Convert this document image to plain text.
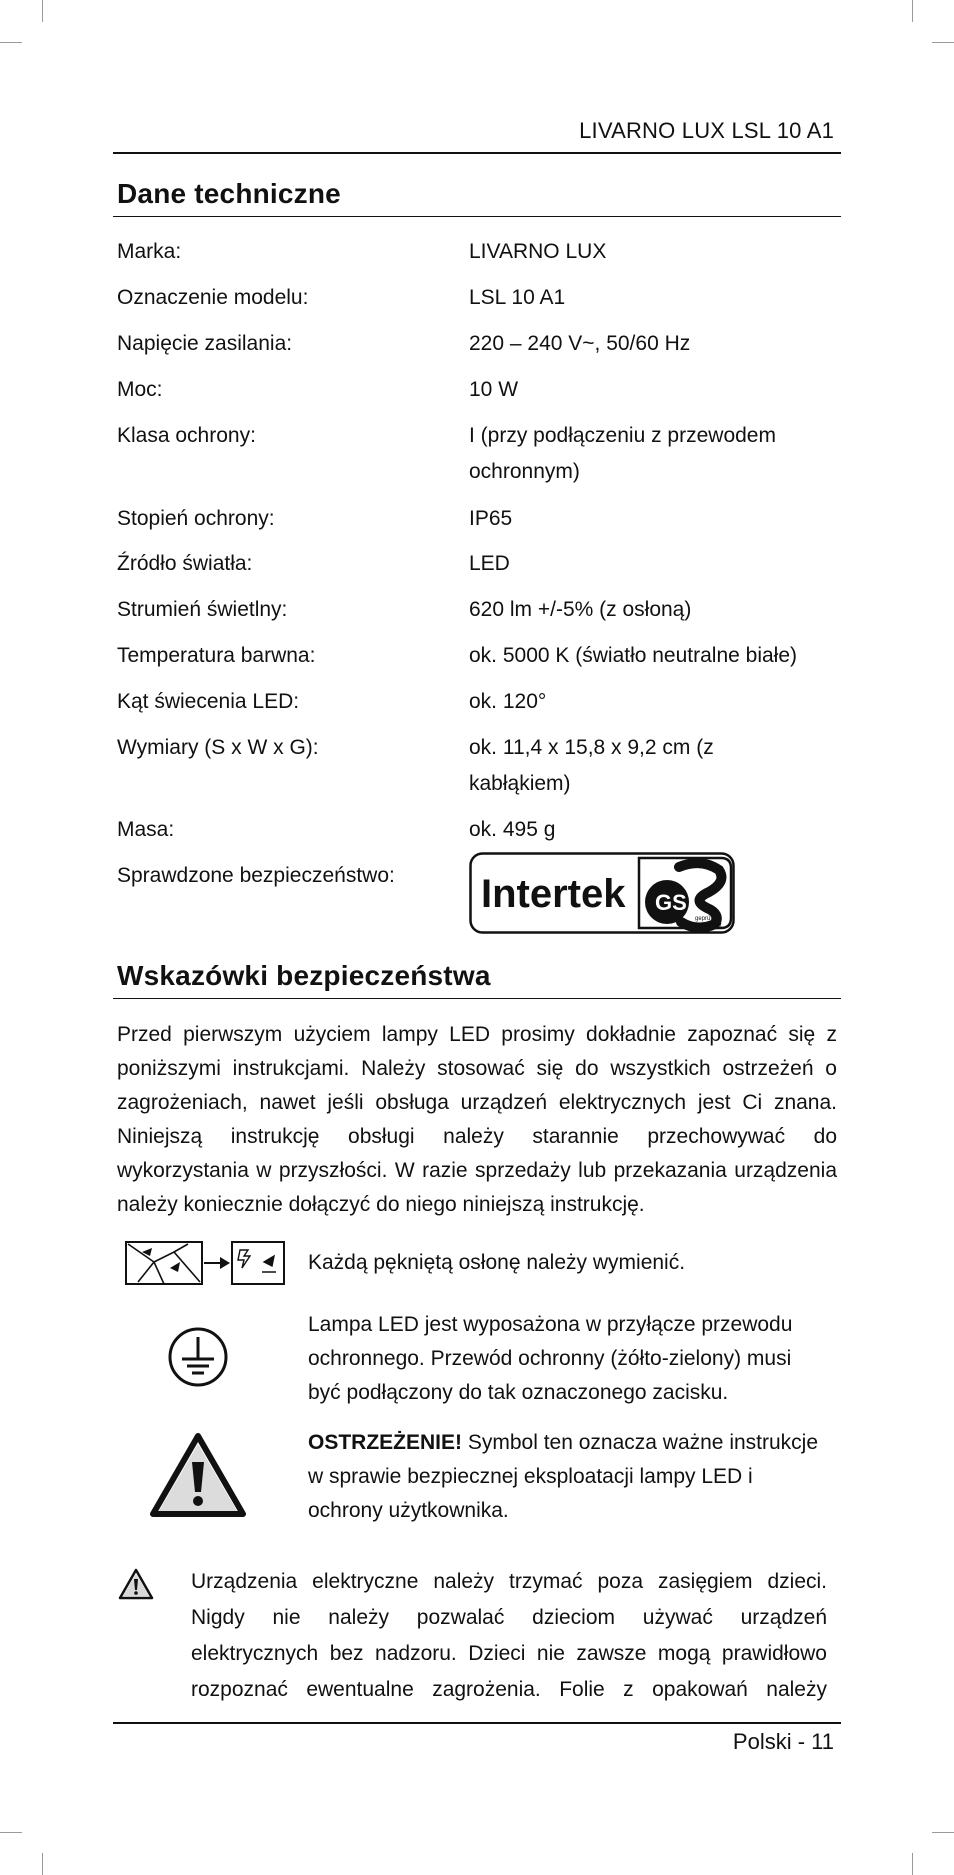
LIVARNO LUX LSL 10 A1
Dane techniczne
Marka:	LIVARNO LUX
Oznaczenie modelu:	LSL 10 A1
Napięcie zasilania:	220 – 240 V~, 50/60 Hz
Moc:	10 W
Klasa ochrony:	I (przy podłączeniu z przewodem ochronnym)
Stopień ochrony:	IP65
Źródło światła:	LED
Strumień świetlny:	620 lm +/-5% (z osłoną)
Temperatura barwna:	ok. 5000 K (światło neutralne białe)
Kąt świecenia LED:	ok. 120°
Wymiary (S x W x G):	ok. 11,4 x 15,8 x 9,2 cm (z kabłąkiem)
Masa:	ok. 495 g
Sprawdzone bezpieczeństwo: Intertek GS
geprüfte
Sicherheit
Wskazówki bezpieczeństwa
Przed pierwszym użyciem lampy LED prosimy dokładnie zapoznać się z poniższymi instrukcjami. Należy stosować się do wszystkich ostrzeżeń o zagrożeniach, nawet jeśli obsługa urządzeń elektrycznych jest Ci znana. Niniejszą instrukcję obsługi należy starannie przechowywać do wykorzystania w przyszłości. W razie sprzedaży lub przekazania urządzenia należy koniecznie dołączyć do niego niniejszą instrukcję.
Każdą pękniętą osłonę należy wymienić.
Lampa LED jest wyposażona w przyłącze przewodu ochronnego. Przewód ochronny (żółto-zielony) musi być podłączony do tak oznaczonego zacisku.
OSTRZEŻENIE! Symbol ten oznacza ważne instrukcje w sprawie bezpiecznej eksploatacji lampy LED i ochrony użytkownika.
Urządzenia elektryczne należy trzymać poza zasięgiem dzieci. Nigdy nie należy pozwalać dzieciom używać urządzeń elektrycznych bez nadzoru. Dzieci nie zawsze mogą prawidłowo rozpoznać ewentualne zagrożenia. Folie z opakowań należy
Polski - 11
